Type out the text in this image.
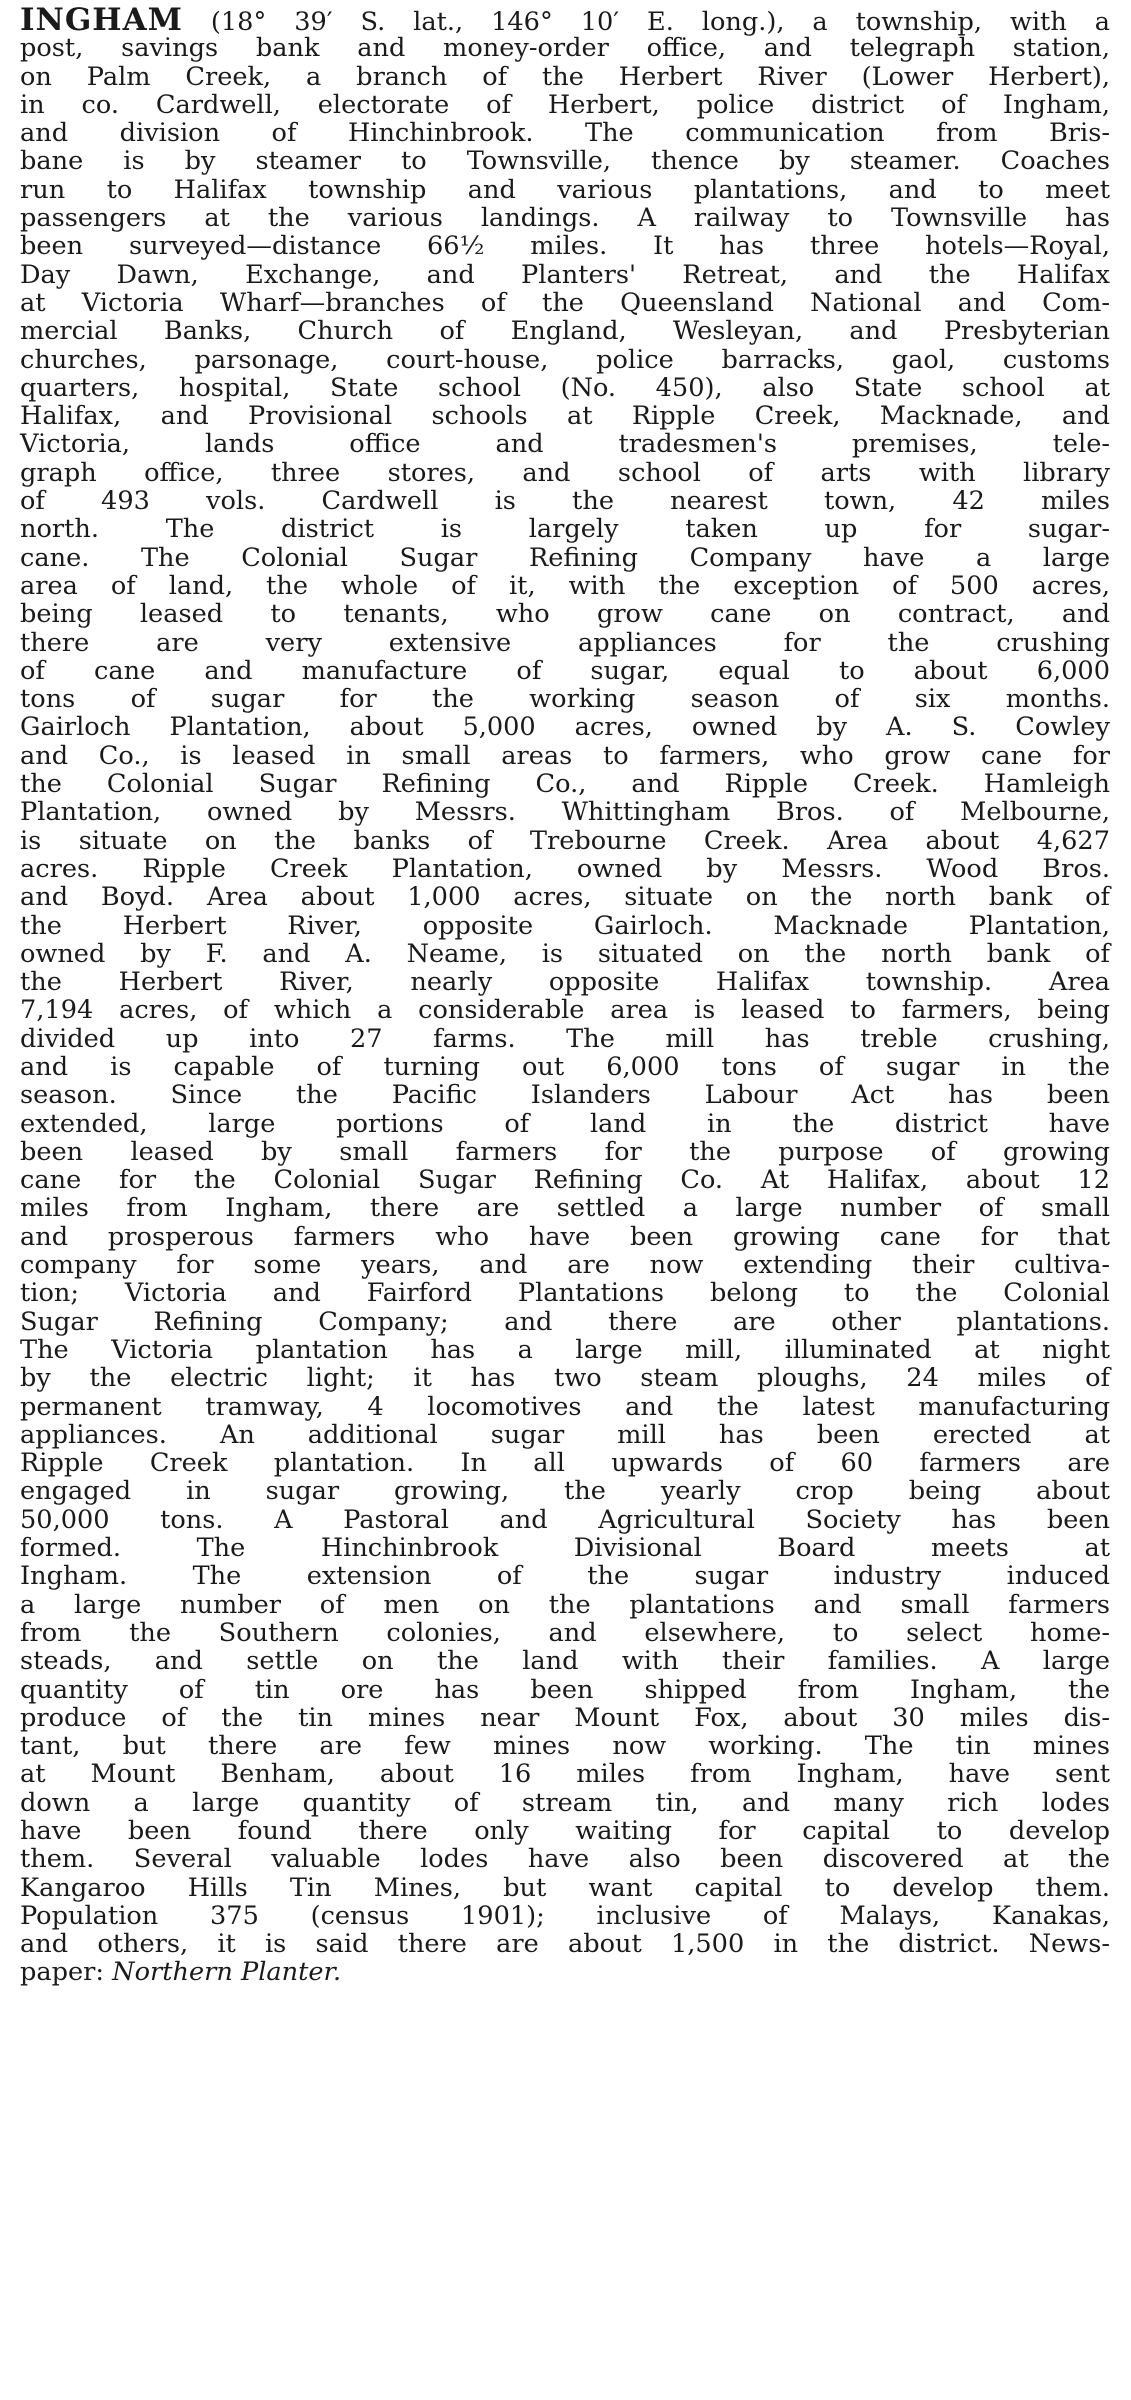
INGHAM (18° 39′ S. lat., 146° 10′ E. long.), a township, with a
post, savings bank and money-order office, and telegraph station,
on Palm Creek, a branch of the Herbert River (Lower Herbert),
in co. Cardwell, electorate of Herbert, police district of Ingham,
and division of Hinchinbrook. The communication from Bris-
bane is by steamer to Townsville, thence by steamer. Coaches
run to Halifax township and various plantations, and to meet
passengers at the various landings. A railway to Townsville has
been surveyed—distance 66½ miles. It has three hotels—Royal,
Day Dawn, Exchange, and Planters' Retreat, and the Halifax
at Victoria Wharf—branches of the Queensland National and Com-
mercial Banks, Church of England, Wesleyan, and Presbyterian
churches, parsonage, court-house, police barracks, gaol, customs
quarters, hospital, State school (No. 450), also State school at
Halifax, and Provisional schools at Ripple Creek, Macknade, and
Victoria, lands office and tradesmen's premises, tele-
graph office, three stores, and school of arts with library
of 493 vols. Cardwell is the nearest town, 42 miles
north. The district is largely taken up for sugar-
cane. The Colonial Sugar Refining Company have a large
area of land, the whole of it, with the exception of 500 acres,
being leased to tenants, who grow cane on contract, and
there are very extensive appliances for the crushing
of cane and manufacture of sugar, equal to about 6,000
tons of sugar for the working season of six months.
Gairloch Plantation, about 5,000 acres, owned by A. S. Cowley
and Co., is leased in small areas to farmers, who grow cane for
the Colonial Sugar Refining Co., and Ripple Creek. Hamleigh
Plantation, owned by Messrs. Whittingham Bros. of Melbourne,
is situate on the banks of Trebourne Creek. Area about 4,627
acres. Ripple Creek Plantation, owned by Messrs. Wood Bros.
and Boyd. Area about 1,000 acres, situate on the north bank of
the Herbert River, opposite Gairloch. Macknade Plantation,
owned by F. and A. Neame, is situated on the north bank of
the Herbert River, nearly opposite Halifax township. Area
7,194 acres, of which a considerable area is leased to farmers, being
divided up into 27 farms. The mill has treble crushing,
and is capable of turning out 6,000 tons of sugar in the
season. Since the Pacific Islanders Labour Act has been
extended, large portions of land in the district have
been leased by small farmers for the purpose of growing
cane for the Colonial Sugar Refining Co. At Halifax, about 12
miles from Ingham, there are settled a large number of small
and prosperous farmers who have been growing cane for that
company for some years, and are now extending their cultiva-
tion; Victoria and Fairford Plantations belong to the Colonial
Sugar Refining Company; and there are other plantations.
The Victoria plantation has a large mill, illuminated at night
by the electric light; it has two steam ploughs, 24 miles of
permanent tramway, 4 locomotives and the latest manufacturing
appliances. An additional sugar mill has been erected at
Ripple Creek plantation. In all upwards of 60 farmers are
engaged in sugar growing, the yearly crop being about
50,000 tons. A Pastoral and Agricultural Society has been
formed. The Hinchinbrook Divisional Board meets at
Ingham. The extension of the sugar industry induced
a large number of men on the plantations and small farmers
from the Southern colonies, and elsewhere, to select home-
steads, and settle on the land with their families. A large
quantity of tin ore has been shipped from Ingham, the
produce of the tin mines near Mount Fox, about 30 miles dis-
tant, but there are few mines now working. The tin mines
at Mount Benham, about 16 miles from Ingham, have sent
down a large quantity of stream tin, and many rich lodes
have been found there only waiting for capital to develop
them. Several valuable lodes have also been discovered at the
Kangaroo Hills Tin Mines, but want capital to develop them.
Population 375 (census 1901); inclusive of Malays, Kanakas,
and others, it is said there are about 1,500 in the district. News-
paper: Northern Planter.
